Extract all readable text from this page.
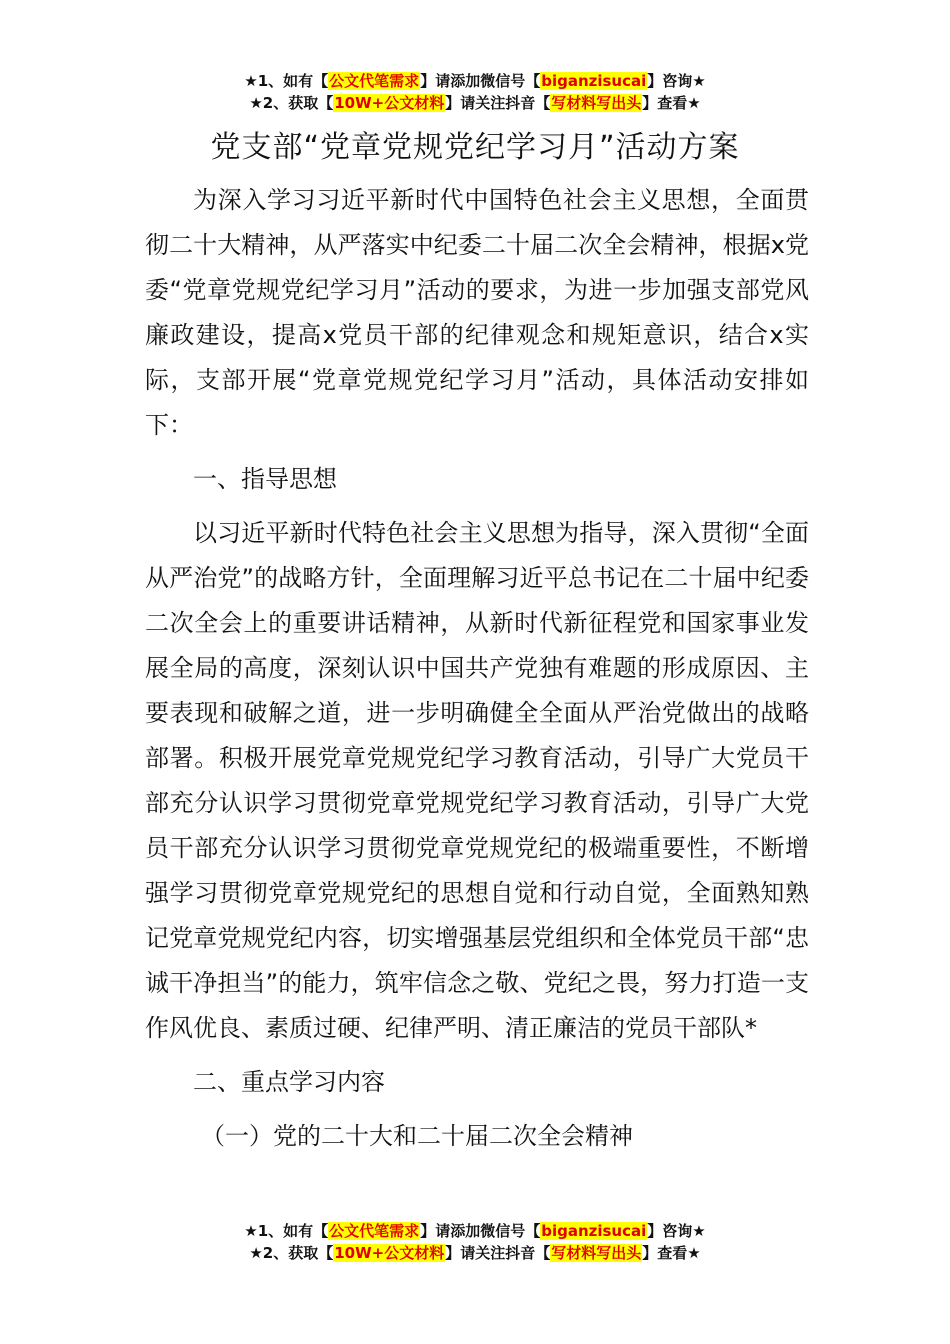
★1、如有【公文代笔需求】请添加微信号【biganzisucai】咨询★
★2、获取【10W+公文材料】请关注抖音【写材料写出头】查看★
党支部“党章党规党纪学习月”活动方案

为深入学习习近平新时代中国特色社会主义思想，全面贯彻二十大精神，从严落实中纪委二十届二次全会精神，根据x党委“党章党规党纪学习月”活动的要求，为进一步加强支部党风廉政建设，提高x党员干部的纪律观念和规矩意识，结合x实际，支部开展“党章党规党纪学习月”活动，具体活动安排如下：

一、指导思想

以习近平新时代特色社会主义思想为指导，深入贯彻“全面从严治党”的战略方针，全面理解习近平总书记在二十届中纪委二次全会上的重要讲话精神，从新时代新征程党和国家事业发展全局的高度，深刻认识中国共产党独有难题的形成原因、主要表现和破解之道，进一步明确健全全面从严治党做出的战略部署。积极开展党章党规党纪学习教育活动，引导广大党员干部充分认识学习贯彻党章党规党纪学习教育活动，引导广大党员干部充分认识学习贯彻党章党规党纪的极端重要性，不断增强学习贯彻党章党规党纪的思想自觉和行动自觉，全面熟知熟记党章党规党纪内容，切实增强基层党组织和全体党员干部“忠诚干净担当”的能力，筑牢信念之敬、党纪之畏，努力打造一支作风优良、素质过硬、纪律严明、清正廉洁的党员干部队*

二、重点学习内容

（一）党的二十大和二十届二次全会精神

★1、如有【公文代笔需求】请添加微信号【biganzisucai】咨询★
★2、获取【10W+公文材料】请关注抖音【写材料写出头】查看★
